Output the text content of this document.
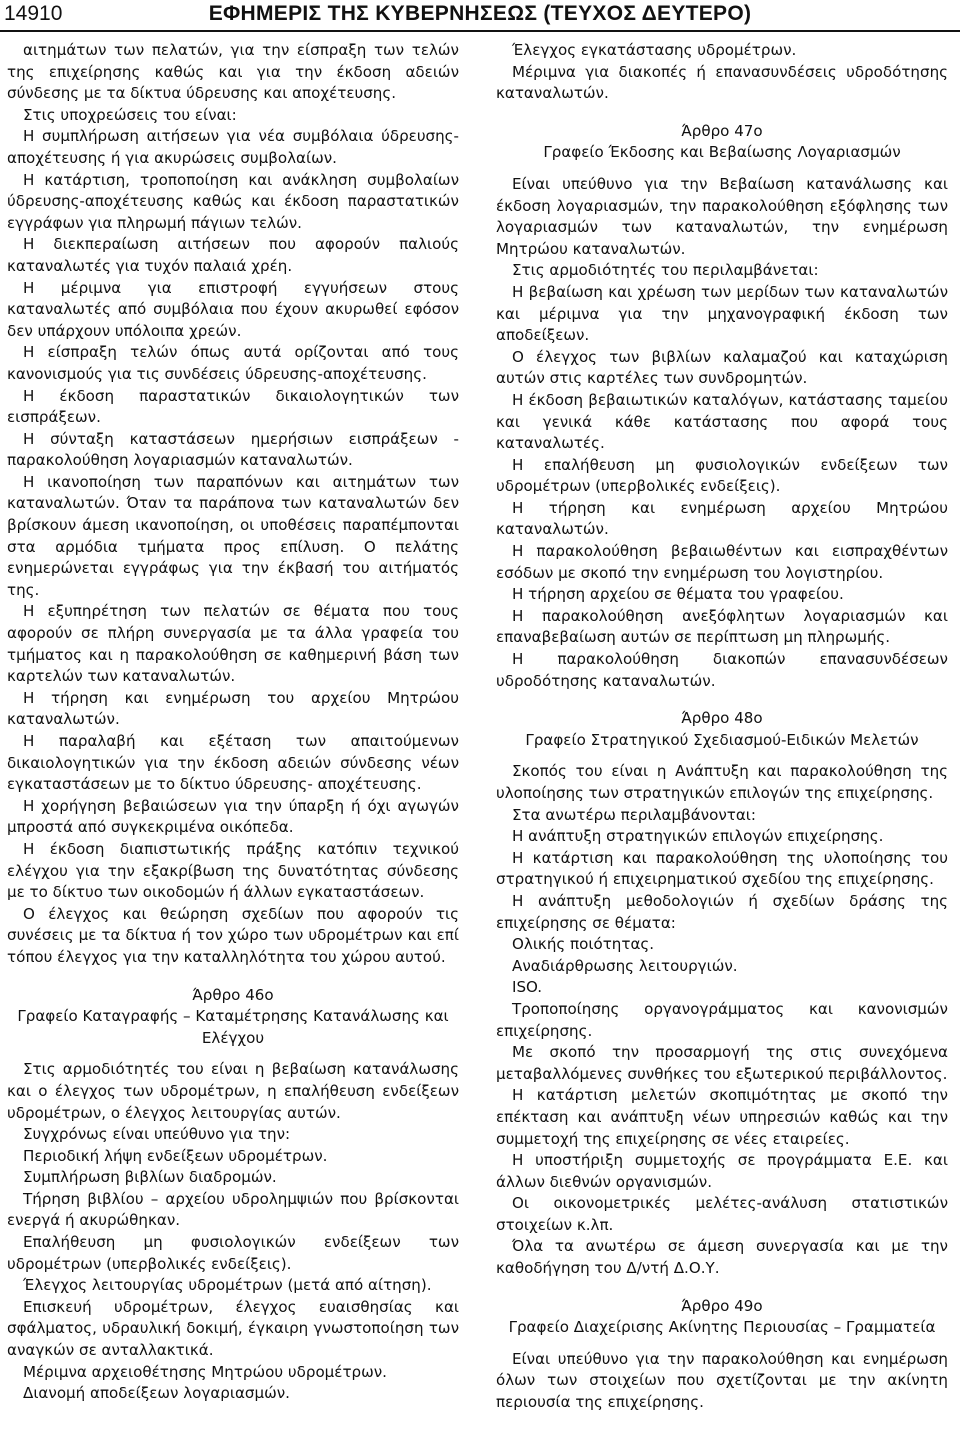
14910	ΕΦΗΜΕΡΙΣ ΤΗΣ ΚΥΒΕΡΝΗΣΕΩΣ (ΤΕΥΧΟΣ ΔΕΥΤΕΡΟ)

αιτημάτων των πελατών, για την είσπραξη των τελών της επιχείρησης καθώς και για την έκδοση αδειών σύνδεσης με τα δίκτυα ύδρευσης και αποχέτευσης.

Στις υποχρεώσεις του είναι:

Η συμπλήρωση αιτήσεων για νέα συμβόλαια ύδρευσης-αποχέτευσης ή για ακυρώσεις συμβολαίων.

Η κατάρτιση, τροποποίηση και ανάκληση συμβολαίων ύδρευσης-αποχέτευσης καθώς και έκδοση παραστατικών εγγράφων για πληρωμή πάγιων τελών.

Η διεκπεραίωση αιτήσεων που αφορούν παλιούς καταναλωτές για τυχόν παλαιά χρέη.

Η μέριμνα για επιστροφή εγγυήσεων στους καταναλωτές από συμβόλαια που έχουν ακυρωθεί εφόσον δεν υπάρχουν υπόλοιπα χρεών.

Η είσπραξη τελών όπως αυτά ορίζονται από τους κανονισμούς για τις συνδέσεις ύδρευσης-αποχέτευσης.

Η έκδοση παραστατικών δικαιολογητικών των εισπράξεων.

Η σύνταξη καταστάσεων ημερήσιων εισπράξεων - παρακολούθηση λογαριασμών καταναλωτών.

Η ικανοποίηση των παραπόνων και αιτημάτων των καταναλωτών. Όταν τα παράπονα των καταναλωτών δεν βρίσκουν άμεση ικανοποίηση, οι υποθέσεις παραπέμπονται στα αρμόδια τμήματα προς επίλυση. Ο πελάτης ενημερώνεται εγγράφως για την έκβασή του αιτήματός της.

Η εξυπηρέτηση των πελατών σε θέματα που τους αφορούν σε πλήρη συνεργασία με τα άλλα γραφεία του τμήματος και η παρακολούθηση σε καθημερινή βάση των καρτελών των καταναλωτών.

Η τήρηση και ενημέρωση του αρχείου Μητρώου καταναλωτών.

Η παραλαβή και εξέταση των απαιτούμενων δικαιολογητικών για την έκδοση αδειών σύνδεσης νέων εγκαταστάσεων με το δίκτυο ύδρευσης- αποχέτευσης.

Η χορήγηση βεβαιώσεων για την ύπαρξη ή όχι αγωγών μπροστά από συγκεκριμένα οικόπεδα.

Η έκδοση διαπιστωτικής πράξης κατόπιν τεχνικού ελέγχου για την εξακρίβωση της δυνατότητας σύνδεσης με το δίκτυο των οικοδομών ή άλλων εγκαταστάσεων.

Ο έλεγχος και θεώρηση σχεδίων που αφορούν τις συνέσεις με τα δίκτυα ή τον χώρο των υδρομέτρων και επί τόπου έλεγχος για την καταλληλότητα του χώρου αυτού.

Άρθρο 46ο

Γραφείο Καταγραφής – Καταμέτρησης Κατανάλωσης και Ελέγχου

Στις αρμοδιότητές του είναι η βεβαίωση κατανάλωσης και ο έλεγχος των υδρομέτρων, η επαλήθευση ενδείξεων υδρομέτρων, ο έλεγχος λειτουργίας αυτών.

Συγχρόνως είναι υπεύθυνο για την:

Περιοδική λήψη ενδείξεων υδρομέτρων.

Συμπλήρωση βιβλίων διαδρομών.

Τήρηση βιβλίου – αρχείου υδρολημψιών που βρίσκονται ενεργά ή ακυρώθηκαν.

Επαλήθευση μη φυσιολογικών ενδείξεων των υδρομέτρων (υπερβολικές ενδείξεις).

Έλεγχος λειτουργίας υδρομέτρων (μετά από αίτηση).

Επισκευή υδρομέτρων, έλεγχος ευαισθησίας και σφάλματος, υδραυλική δοκιμή, έγκαιρη γνωστοποίηση των αναγκών σε ανταλλακτικά.

Μέριμνα αρχειοθέτησης Μητρώου υδρομέτρων.

Διανομή αποδείξεων λογαριασμών.

Έλεγχος εγκατάστασης υδρομέτρων.

Μέριμνα για διακοπές ή επανασυνδέσεις υδροδότησης καταναλωτών.

Άρθρο 47ο

Γραφείο Έκδοσης και Βεβαίωσης Λογαριασμών

Είναι υπεύθυνο για την Βεβαίωση κατανάλωσης και έκδοση λογαριασμών, την παρακολούθηση εξόφλησης των λογαριασμών των καταναλωτών, την ενημέρωση Μητρώου καταναλωτών.

Στις αρμοδιότητές του περιλαμβάνεται:

Η βεβαίωση και χρέωση των μερίδων των καταναλωτών και μέριμνα για την μηχανογραφική έκδοση των αποδείξεων.

Ο έλεγχος των βιβλίων καλαμαζού και καταχώριση αυτών στις καρτέλες των συνδρομητών.

Η έκδοση βεβαιωτικών καταλόγων, κατάστασης ταμείου και γενικά κάθε κατάστασης που αφορά τους καταναλωτές.

Η επαλήθευση μη φυσιολογικών ενδείξεων των υδρομέτρων (υπερβολικές ενδείξεις).

Η τήρηση και ενημέρωση αρχείου Μητρώου καταναλωτών.

Η παρακολούθηση βεβαιωθέντων και εισπραχθέντων εσόδων με σκοπό την ενημέρωση του λογιστηρίου.

Η τήρηση αρχείου σε θέματα του γραφείου.

Η παρακολούθηση ανεξόφλητων λογαριασμών και επαναβεβαίωση αυτών σε περίπτωση μη πληρωμής.

Η παρακολούθηση διακοπών επανασυνδέσεων υδροδότησης καταναλωτών.

Άρθρο 48ο

Γραφείο Στρατηγικού Σχεδιασμού-Ειδικών Μελετών

Σκοπός του είναι η Ανάπτυξη και παρακολούθηση της υλοποίησης των στρατηγικών επιλογών της επιχείρησης.

Στα ανωτέρω περιλαμβάνονται:

Η ανάπτυξη στρατηγικών επιλογών επιχείρησης.

Η κατάρτιση και παρακολούθηση της υλοποίησης του στρατηγικού ή επιχειρηματικού σχεδίου της επιχείρησης.

Η ανάπτυξη μεθοδολογιών ή σχεδίων δράσης της επιχείρησης σε θέματα:

Ολικής ποιότητας.

Αναδιάρθρωσης λειτουργιών.

ISO.

Τροποποίησης οργανογράμματος και κανονισμών επιχείρησης.

Με σκοπό την προσαρμογή της στις συνεχόμενα μεταβαλλόμενες συνθήκες του εξωτερικού περιβάλλοντος.

Η κατάρτιση μελετών σκοπιμότητας με σκοπό την επέκταση και ανάπτυξη νέων υπηρεσιών καθώς και την συμμετοχή της επιχείρησης σε νέες εταιρείες.

Η υποστήριξη συμμετοχής σε προγράμματα Ε.Ε. και άλλων διεθνών οργανισμών.

Οι οικονομετρικές μελέτες-ανάλυση στατιστικών στοιχείων κ.λπ.

Όλα τα ανωτέρω σε άμεση συνεργασία και με την καθοδήγηση του Δ/ντή Δ.Ο.Υ.

Άρθρο 49ο

Γραφείο Διαχείρισης Ακίνητης Περιουσίας – Γραμματεία

Είναι υπεύθυνο για την παρακολούθηση και ενημέρωση όλων των στοιχείων που σχετίζονται με την ακίνητη περιουσία της επιχείρησης.
